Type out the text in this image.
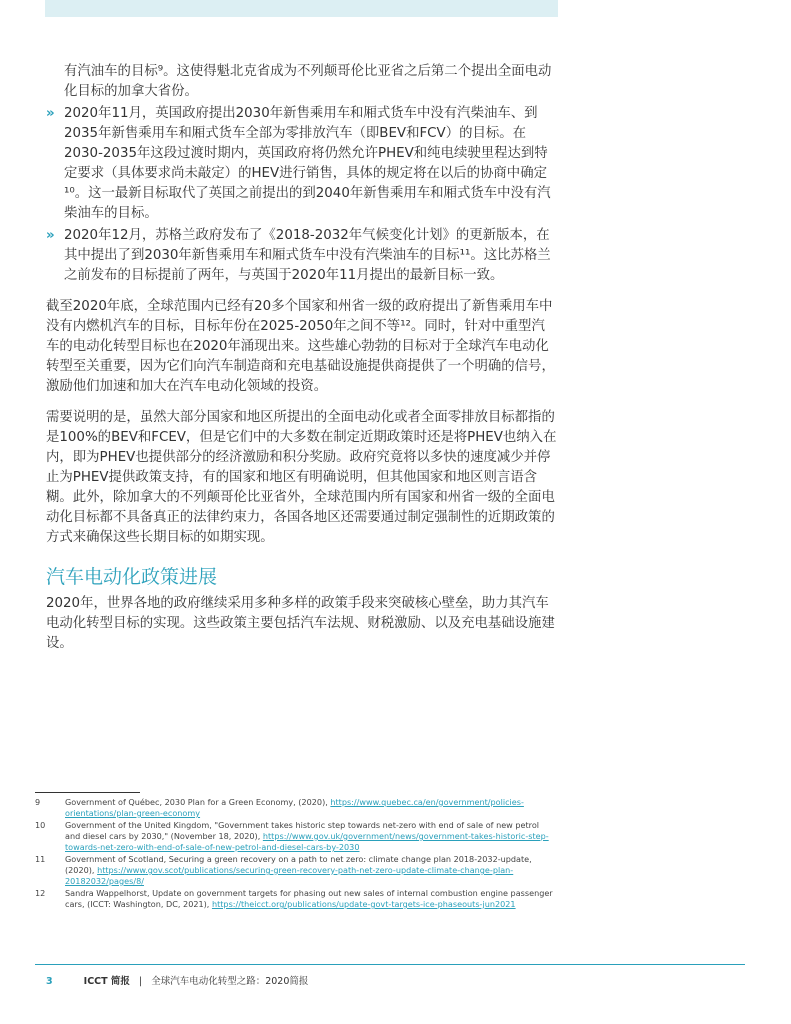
有汽油车的目标⁹。这使得魁北克省成为不列颠哥伦比亚省之后第二个提出全面电动化目标的加拿大省份。
» 2020年11月，英国政府提出2030年新售乘用车和厢式货车中没有汽柴油车、到2035年新售乘用车和厢式货车全部为零排放汽车（即BEV和FCV）的目标。在2030-2035年这段过渡时期内，英国政府将仍然允许PHEV和纯电续驶里程达到特定要求（具体要求尚未敲定）的HEV进行销售，具体的规定将在以后的协商中确定¹⁰。这一最新目标取代了英国之前提出的到2040年新售乘用车和厢式货车中没有汽柴油车的目标。
» 2020年12月，苏格兰政府发布了《2018-2032年气候变化计划》的更新版本，在其中提出了到2030年新售乘用车和厢式货车中没有汽柴油车的目标¹¹。这比苏格兰之前发布的目标提前了两年，与英国于2020年11月提出的最新目标一致。

截至2020年底，全球范围内已经有20多个国家和州省一级的政府提出了新售乘用车中没有内燃机汽车的目标，目标年份在2025-2050年之间不等¹²。同时，针对中重型汽车的电动化转型目标也在2020年涌现出来。这些雄心勃勃的目标对于全球汽车电动化转型至关重要，因为它们向汽车制造商和充电基础设施提供商提供了一个明确的信号，激励他们加速和加大在汽车电动化领域的投资。

需要说明的是，虽然大部分国家和地区所提出的全面电动化或者全面零排放目标都指的是100%的BEV和FCEV，但是它们中的大多数在制定近期政策时还是将PHEV也纳入在内，即为PHEV也提供部分的经济激励和积分奖励。政府究竟将以多快的速度减少并停止为PHEV提供政策支持，有的国家和地区有明确说明，但其他国家和地区则言语含糊。此外，除加拿大的不列颠哥伦比亚省外，全球范围内所有国家和州省一级的全面电动化目标都不具备真正的法律约束力，各国各地区还需要通过制定强制性的近期政策的方式来确保这些长期目标的如期实现。

汽车电动化政策进展

2020年，世界各地的政府继续采用多种多样的政策手段来突破核心壁垒，助力其汽车电动化转型目标的实现。这些政策主要包括汽车法规、财税激励、以及充电基础设施建设。

9	Government of Québec, 2030 Plan for a Green Economy, (2020), https://www.quebec.ca/en/government/policies-orientations/plan-green-economy
10 Government of the United Kingdom, "Government takes historic step towards net-zero with end of sale of new petrol and diesel cars by 2030," (November 18, 2020), https://www.gov.uk/government/news/government-takes-historic-step-towards-net-zero-with-end-of-sale-of-new-petrol-and-diesel-cars-by-2030
11 Government of Scotland, Securing a green recovery on a path to net zero: climate change plan 2018-2032-update, (2020), https://www.gov.scot/publications/securing-green-recovery-path-net-zero-update-climate-change-plan-20182032/pages/8/
12 Sandra Wappelhorst, Update on government targets for phasing out new sales of internal combustion engine passenger cars, (ICCT: Washington, DC, 2021), https://theicct.org/publications/update-govt-targets-ice-phaseouts-jun2021
3	ICCT 简报 | 全球汽车电动化转型之路：2020简报
